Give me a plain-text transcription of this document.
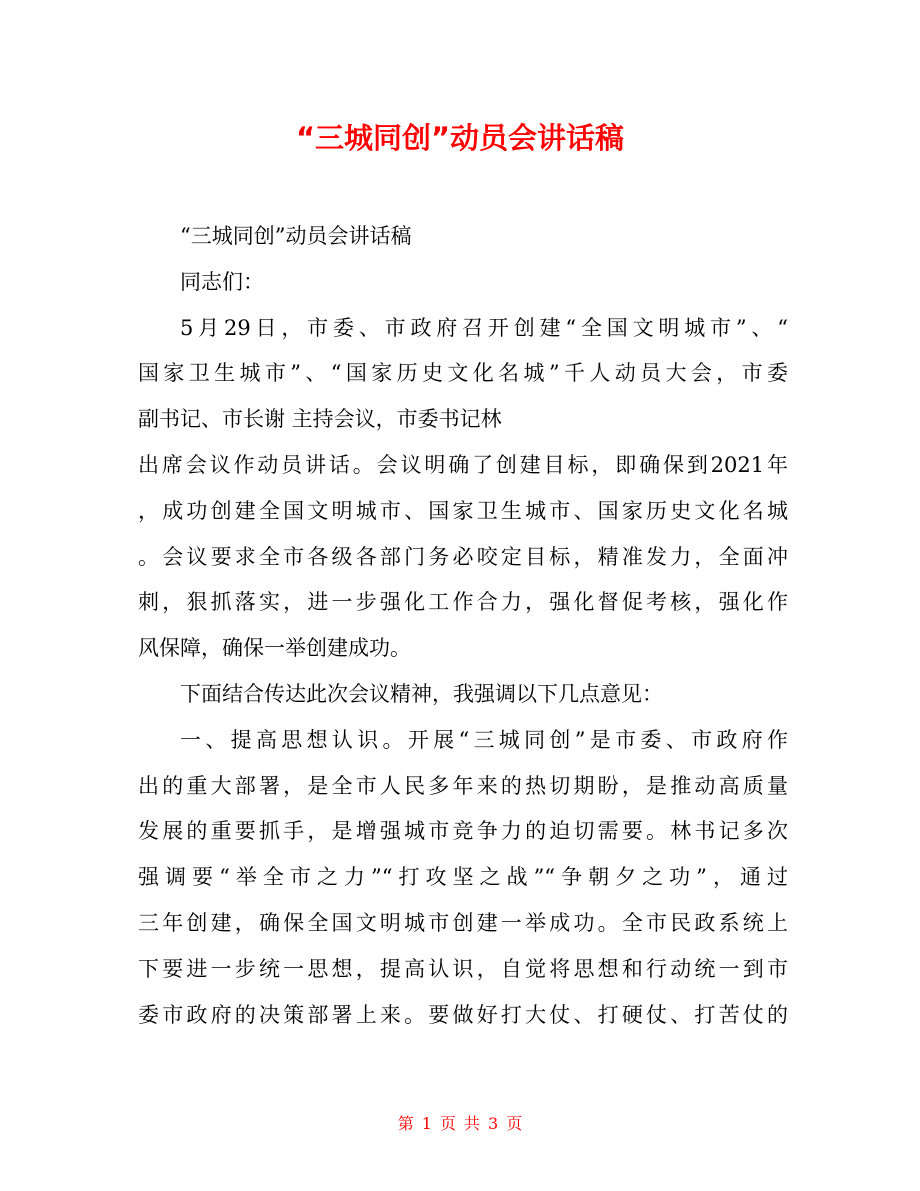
“三城同创”动员会讲话稿
“三城同创”动员会讲话稿
同志们：
5月29日，市委、市政府召开创建“全国文明城市”、“
国家卫生城市”、“国家历史文化名城”千人动员大会，市委
副书记、市长谢 主持会议，市委书记林
出席会议作动员讲话。会议明确了创建目标，即确保到2021年
，成功创建全国文明城市、国家卫生城市、国家历史文化名城
。会议要求全市各级各部门务必咬定目标，精准发力，全面冲
刺，狠抓落实，进一步强化工作合力，强化督促考核，强化作
风保障，确保一举创建成功。
下面结合传达此次会议精神，我强调以下几点意见：
一、提高思想认识。开展“三城同创”是市委、市政府作
出的重大部署，是全市人民多年来的热切期盼，是推动高质量
发展的重要抓手，是增强城市竞争力的迫切需要。林书记多次
强调要“举全市之力”“打攻坚之战”“争朝夕之功”，通过
三年创建，确保全国文明城市创建一举成功。全市民政系统上
下要进一步统一思想，提高认识，自觉将思想和行动统一到市
委市政府的决策部署上来。要做好打大仗、打硬仗、打苦仗的
第 1 页 共 3 页
